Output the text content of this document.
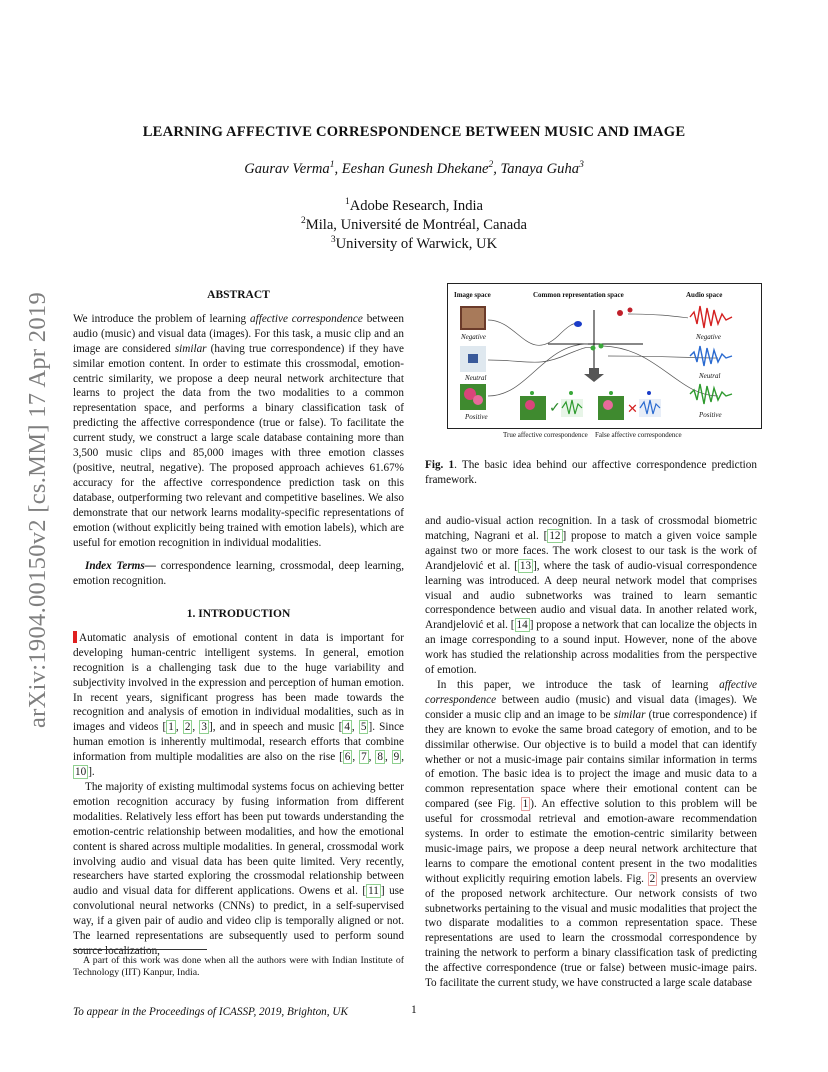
arXiv:1904.00150v2 [cs.MM] 17 Apr 2019
LEARNING AFFECTIVE CORRESPONDENCE BETWEEN MUSIC AND IMAGE
Gaurav Verma$^1$, Eeshan Gunesh Dhekane$^2$, Tanaya Guha$^3$
$^1$Adobe Research, India
$^2$Mila, Université de Montréal, Canada
$^3$University of Warwick, UK
ABSTRACT

We introduce the problem of learning affective correspondence between audio (music) and visual data (images). For this task, a music clip and an image are considered similar (having true correspondence) if they have similar emotion content. In order to estimate this crossmodal, emotion-centric similarity, we propose a deep neural network architecture that learns to project the data from the two modalities to a common representation space, and performs a binary classification task of predicting the affective correspondence (true or false). To facilitate the current study, we construct a large scale database containing more than 3,500 music clips and 85,000 images with three emotion classes (positive, neutral, negative). The proposed approach achieves 61.67% accuracy for the affective correspondence prediction task on this database, outperforming two relevant and competitive baselines. We also demonstrate that our network learns modality-specific representations of emotion (without explicitly being trained with emotion labels), which are useful for emotion recognition in individual modalities.

Index Terms— correspondence learning, crossmodal, deep learning, emotion recognition.

1. INTRODUCTION

Automatic analysis of emotional content in data is important for developing human-centric intelligent systems. In general, emotion recognition is a challenging task due to the huge variability and subjectivity involved in the expression and perception of human emotion. In recent years, significant progress has been made towards the recognition and analysis of emotion in individual modalities, such as in images and videos [ 1 , 2 , 3 ], and in speech and music [ 4 , 5 ]. Since human emotion is inherently multimodal, research efforts that combine information from multiple modalities are also on the rise [ 6 , 7 , 8 , 9 , 10 ].

The majority of existing multimodal systems focus on achieving better emotion recognition accuracy by fusing information from different modalities. Relatively less effort has been put towards understanding the emotion-centric relationship between modalities, and how the emotional content is shared across multiple modalities. In general, crossmodal work involving audio and visual data has been quite limited. Very recently, researchers have started exploring the crossmodal relationship between audio and visual data for different applications. Owens et al. [ 11 ] use convolutional neural networks (CNNs) to predict, in a self-supervised way, if a given pair of audio and video clip is temporally aligned or not. The learned representations are subsequently used to perform sound source localization,

A part of this work was done when all the authors were with Indian Institute of Technology (IIT) Kanpur, India.
To appear in the Proceedings of ICASSP, 2019, Brighton, UK	1
✓	✕
Image space	Common representation space	Audio space
Negative
Neutral
Positive
Negative
Neutral
Positive
True affective correspondence False affective correspondence
Fig. 1. The basic idea behind our affective correspondence prediction framework.

and audio-visual action recognition. In a task of crossmodal biometric matching, Nagrani et al. [ 12 ] propose to match a given voice sample against two or more faces. The work closest to our task is the work of Arandjelović et al. [ 13 ], where the task of audio-visual correspondence learning was introduced. A deep neural network model that comprises visual and audio subnetworks was trained to learn semantic correspondence between audio and visual data. In another related work, Arandjelović et al. [ 14 ] propose a network that can localize the objects in an image corresponding to a sound input. However, none of the above work has studied the relationship across modalities from the perspective of emotion.

In this paper, we introduce the task of learning affective correspondence between audio (music) and visual data (images). We consider a music clip and an image to be similar (true correspondence) if they are known to evoke the same broad category of emotion, and to be dissimilar otherwise. Our objective is to build a model that can identify whether or not a music-image pair contains similar information in terms of emotion. The basic idea is to project the image and music data to a common representation space where their emotional content can be compared (see Fig. 1 ). An effective solution to this problem will be useful for crossmodal retrieval and emotion-aware recommendation systems. In order to estimate the emotion-centric similarity between music-image pairs, we propose a deep neural network architecture that learns to compare the emotional content present in the two modalities without explicitly requiring emotion labels. Fig. 2 presents an overview of the proposed network architecture. Our network consists of two subnetworks pertaining to the visual and music modalities that project the two disparate modalities to a common representation space. These representations are used to learn the crossmodal correspondence by training the network to perform a binary classification task of predicting the affective correspondence (true or false) between music-image pairs. To facilitate the current study, we have constructed a large scale database
